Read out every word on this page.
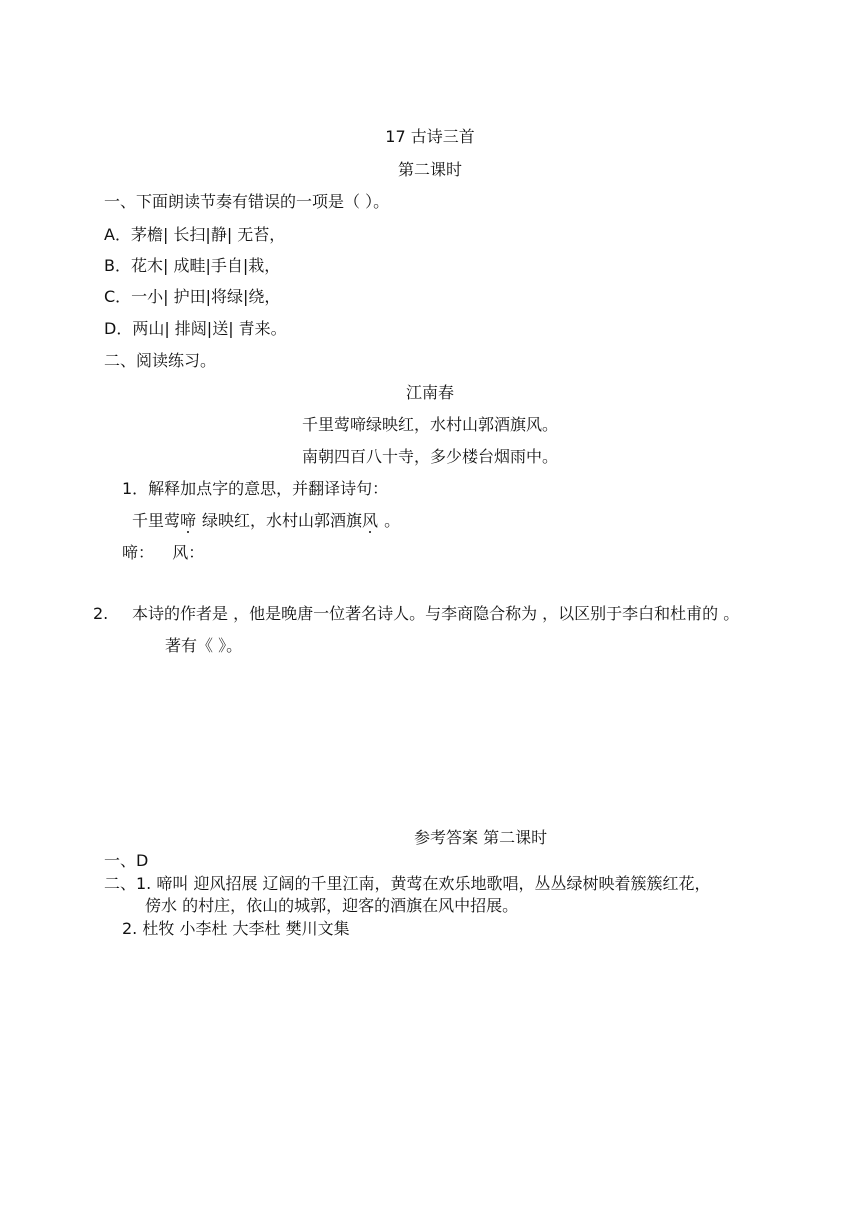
17 古诗三首
第二课时
一、下面朗读节奏有错误的一项是（ ）。
A．茅檐| 长扫|静| 无苔，
B．花木| 成畦|手自|栽，
C．一小| 护田|将绿|绕，
D．两山| 排闼|送| 青来。
二、阅读练习。
江南春
千里莺啼绿映红，水村山郭酒旗风。
南朝四百八十寺，多少楼台烟雨中。
1．解释加点字的意思，并翻译诗句：
千里莺啼 绿映红，水村山郭酒旗风 。
啼： 风：
2. 本诗的作者是 ，他是晚唐一位著名诗人。与李商隐合称为 ，以区别于李白和杜甫的 。
著有《 》。
参考答案 第二课时
一、D
二、1. 啼叫 迎风招展 辽阔的千里江南，黄莺在欢乐地歌唱，丛丛绿树映着簇簇红花，
傍水 的村庄，依山的城郭，迎客的酒旗在风中招展。
2. 杜牧 小李杜 大李杜 樊川文集
